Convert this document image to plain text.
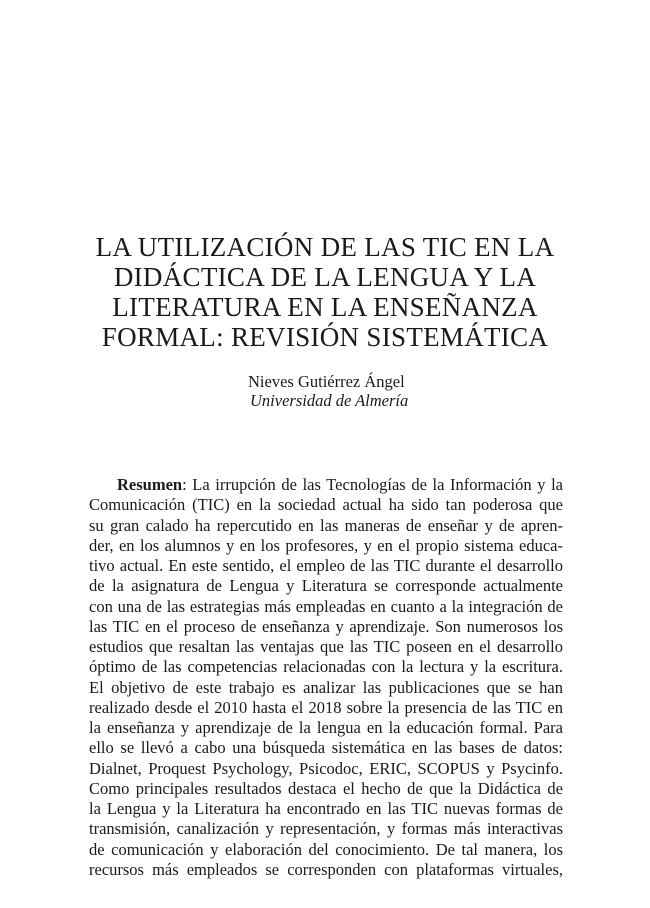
LA UTILIZACIÓN DE LAS TIC EN LA
DIDÁCTICA DE LA LENGUA Y LA
LITERATURA EN LA ENSEÑANZA
FORMAL: REVISIÓN SISTEMÁTICA
Nieves Gutiérrez Ángel
Universidad de Almería
Resumen: La irrupción de las Tecnologías de la Información y la
Comunicación (TIC) en la sociedad actual ha sido tan poderosa que
su gran calado ha repercutido en las maneras de enseñar y de apren-
der, en los alumnos y en los profesores, y en el propio sistema educa-
tivo actual. En este sentido, el empleo de las TIC durante el desarrollo
de la asignatura de Lengua y Literatura se corresponde actualmente
con una de las estrategias más empleadas en cuanto a la integración de
las TIC en el proceso de enseñanza y aprendizaje. Son numerosos los
estudios que resaltan las ventajas que las TIC poseen en el desarrollo
óptimo de las competencias relacionadas con la lectura y la escritura.
El objetivo de este trabajo es analizar las publicaciones que se han
realizado desde el 2010 hasta el 2018 sobre la presencia de las TIC en
la enseñanza y aprendizaje de la lengua en la educación formal. Para
ello se llevó a cabo una búsqueda sistemática en las bases de datos:
Dialnet, Proquest Psychology, Psicodoc, ERIC, SCOPUS y Psycinfo.
Como principales resultados destaca el hecho de que la Didáctica de
la Lengua y la Literatura ha encontrado en las TIC nuevas formas de
transmisión, canalización y representación, y formas más interactivas
de comunicación y elaboración del conocimiento. De tal manera, los
recursos más empleados se corresponden con plataformas virtuales,
